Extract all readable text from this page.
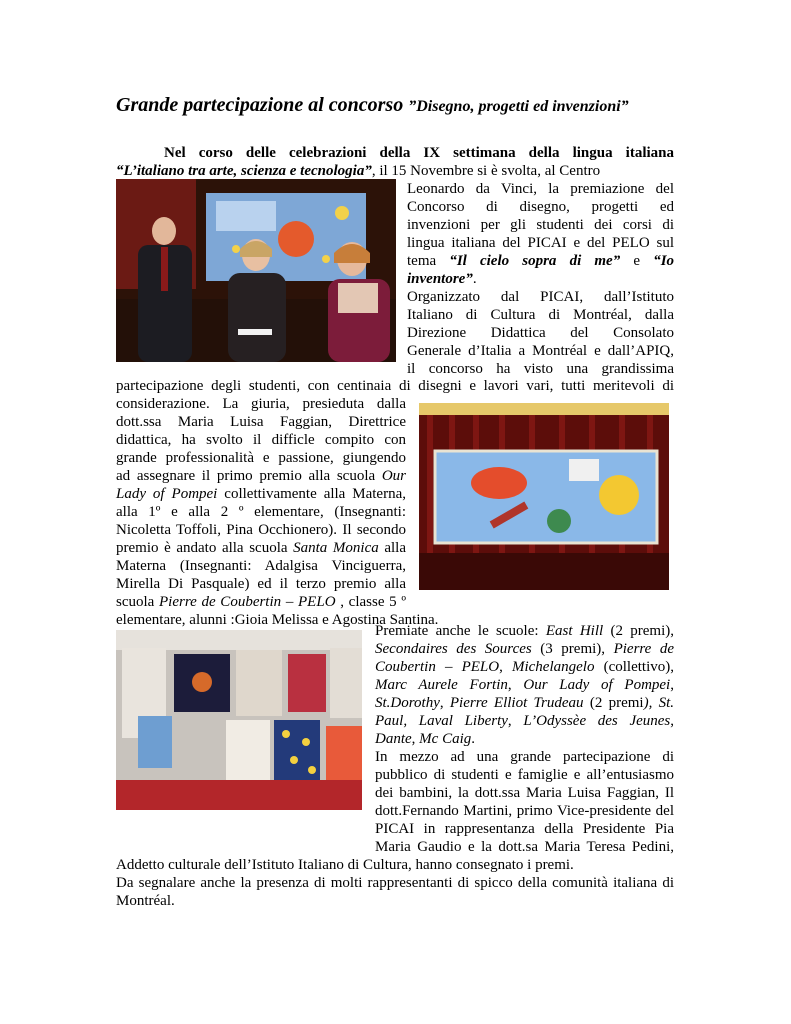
Grande partecipazione al concorso ”Disegno, progetti ed invenzioni”
Nel corso delle celebrazioni della IX settimana della lingua italiana
“L’italiano tra arte, scienza e tecnologia”, il 15 Novembre si è svolta, al Centro
Leonardo da Vinci, la premiazione del
Concorso di disegno, progetti ed
invenzioni per gli studenti dei corsi di
lingua italiana del PICAI e del PELO sul
tema “Il cielo sopra di me” e “Io
inventore”.
Organizzato dal PICAI, dall’Istituto
Italiano di Cultura di Montréal, dalla
Direzione Didattica del Consolato
Generale d’Italia a Montréal e dall’APIQ,
il concorso ha visto una grandissima
partecipazione degli studenti, con centinaia di disegni e lavori vari, tutti meritevoli di
considerazione. La giuria, presieduta dalla
dott.ssa Maria Luisa Faggian, Direttrice
didattica, ha svolto il difficle compito con
grande professionalità e passione, giungendo
ad assegnare il primo premio alla scuola Our
Lady of Pompei collettivamente alla Materna,
alla 1º e alla 2 º elementare, (Insegnanti:
Nicoletta Toffoli, Pina Occhionero). Il secondo
premio è andato alla scuola Santa Monica alla
Materna (Insegnanti: Adalgisa Vinciguerra,
Mirella Di Pasquale) ed il terzo premio alla
scuola Pierre de Coubertin – PELO , classe 5 º
elementare, alunni :Gioia Melissa e Agostina Santina.
Premiate anche le scuole: East Hill (2 premi),
Secondaires des Sources (3 premi), Pierre de
Coubertin – PELO, Michelangelo (collettivo),
Marc Aurele Fortin, Our Lady of Pompei,
St.Dorothy, Pierre Elliot Trudeau (2 premi), St.
Paul, Laval Liberty, L’Odyssèe des Jeunes,
Dante, Mc Caig.
In mezzo ad una grande partecipazione di
pubblico di studenti e famiglie e all’entusiasmo
dei bambini, la dott.ssa Maria Luisa Faggian, Il
dott.Fernando Martini, primo Vice-presidente del
PICAI in rappresentanza della Presidente Pia
Maria Gaudio e la dott.sa Maria Teresa Pedini,
Addetto culturale dell’Istituto Italiano di Cultura, hanno consegnato i premi.
Da segnalare anche la presenza di molti rappresentanti di spicco della comunità italiana di
Montréal.
